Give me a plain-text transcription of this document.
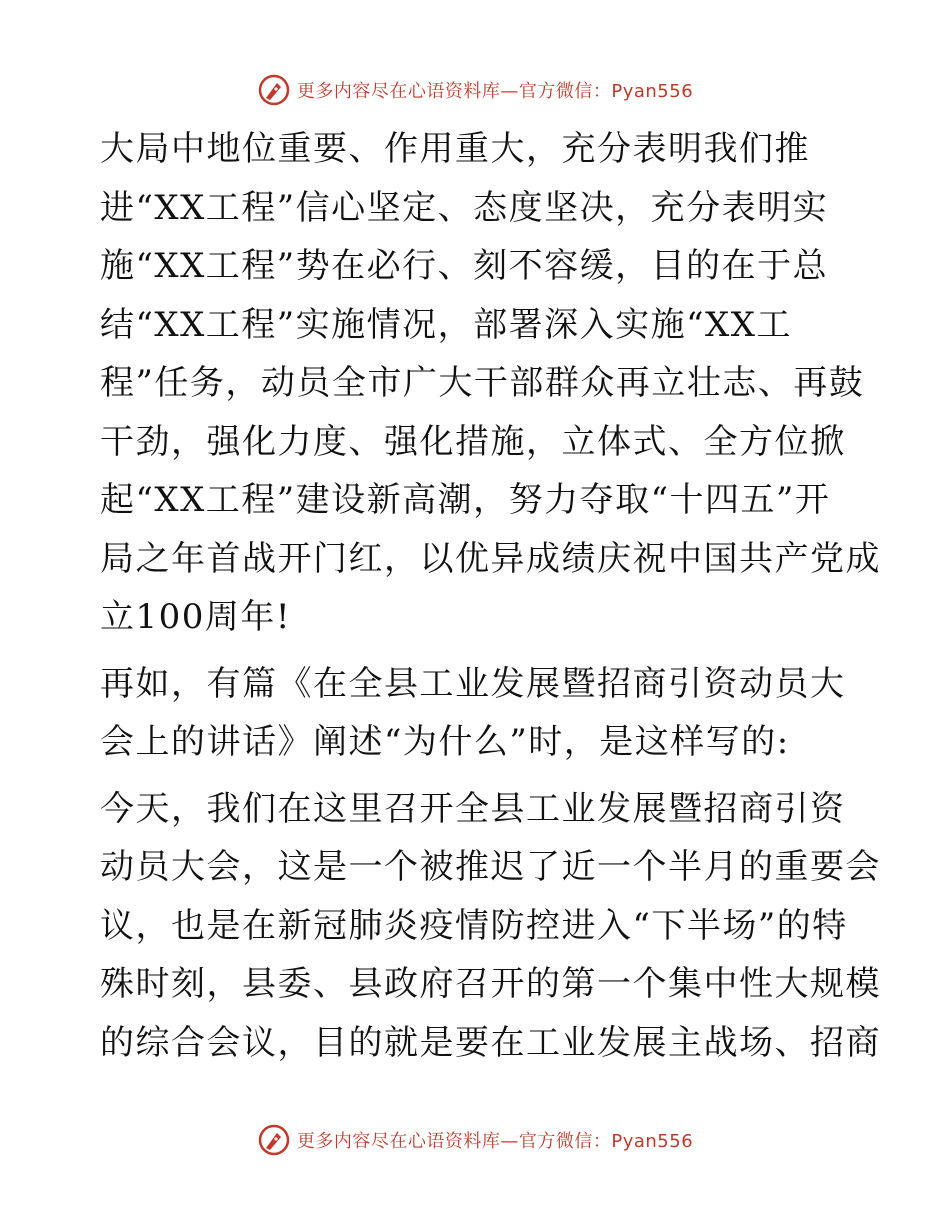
更多内容尽在心语资料库—官方微信：Pyan556
大局中地位重要、作用重大，充分表明我们推
进“XX工程”信心坚定、态度坚决，充分表明实
施“XX工程”势在必行、刻不容缓，目的在于总
结“XX工程”实施情况，部署深入实施“XX工
程”任务，动员全市广大干部群众再立壮志、再鼓
干劲，强化力度、强化措施，立体式、全方位掀
起“XX工程”建设新高潮，努力夺取“十四五”开
局之年首战开门红，以优异成绩庆祝中国共产党成
立100周年!
再如，有篇《在全县工业发展暨招商引资动员大
会上的讲话》阐述“为什么”时，是这样写的:
今天，我们在这里召开全县工业发展暨招商引资
动员大会，这是一个被推迟了近一个半月的重要会
议，也是在新冠肺炎疫情防控进入“下半场”的特
殊时刻，县委、县政府召开的第一个集中性大规模
的综合会议，目的就是要在工业发展主战场、招商
更多内容尽在心语资料库—官方微信：Pyan556
